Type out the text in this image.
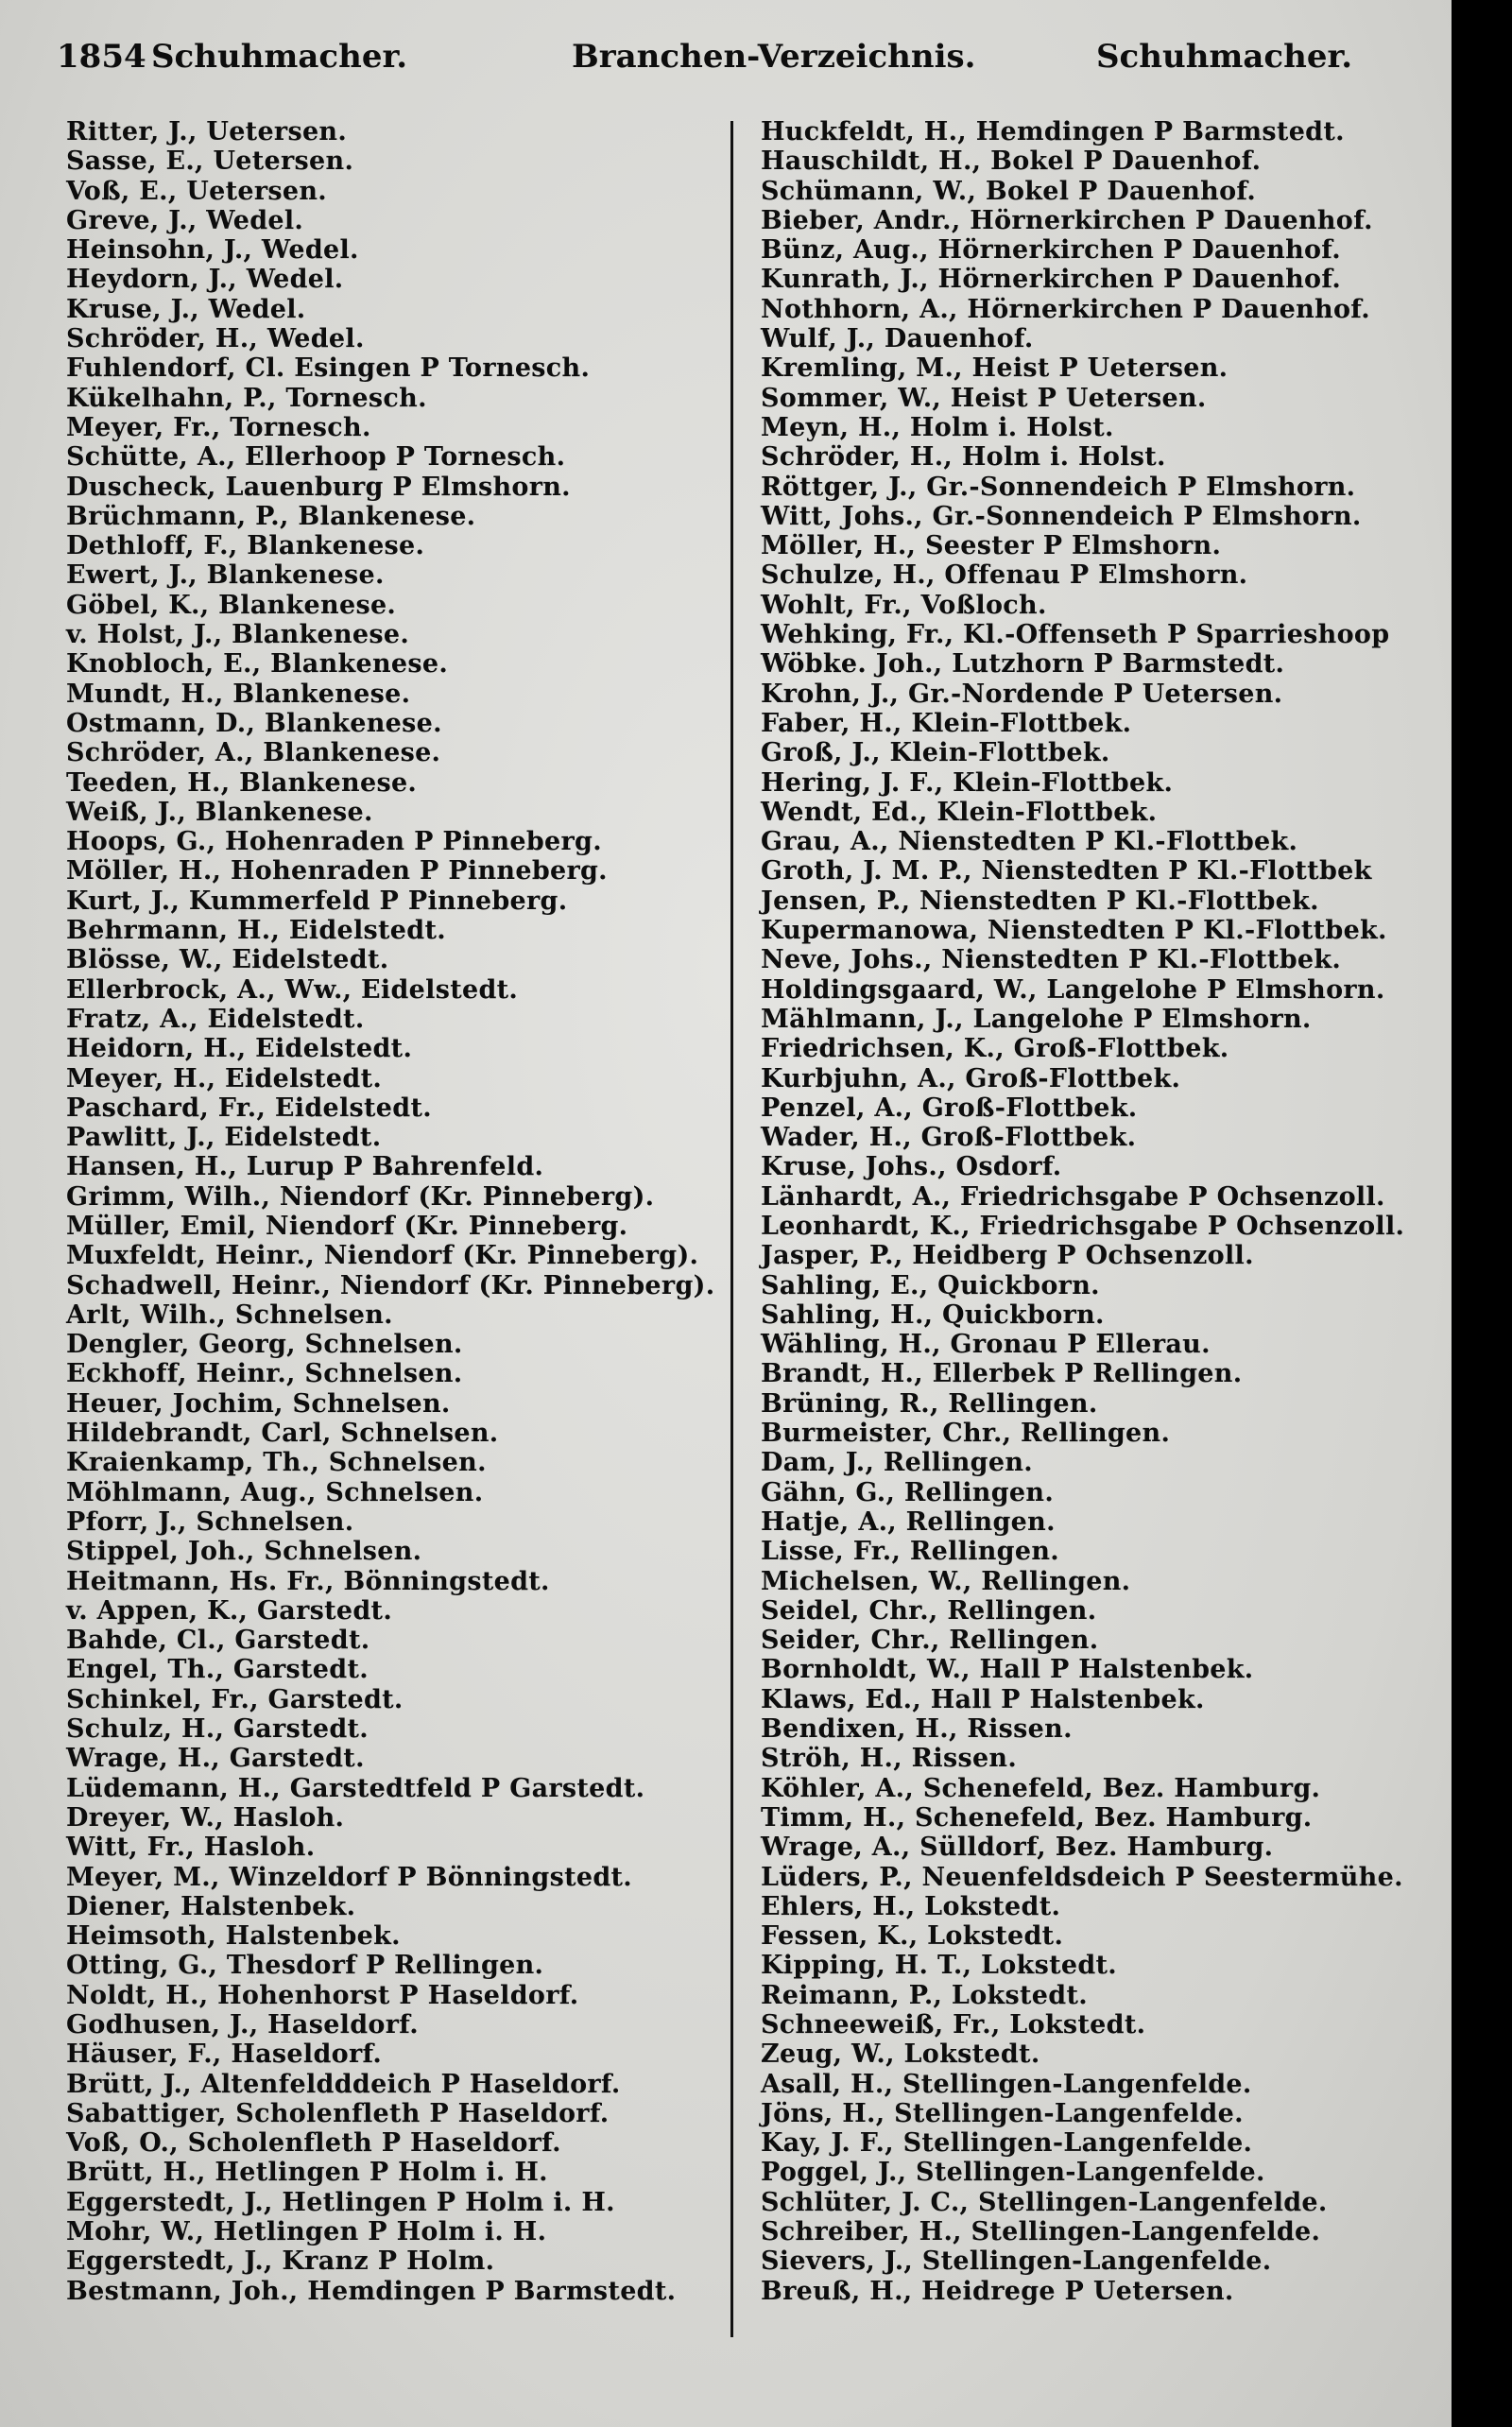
1854 Schuhmacher.	Branchen-Verzeichnis.	Schuhmacher.
Ritter, J., Uetersen.
Sasse, E., Uetersen.
Voß, E., Uetersen.
Greve, J., Wedel.
Heinsohn, J., Wedel.
Heydorn, J., Wedel.
Kruse, J., Wedel.
Schröder, H., Wedel.
Fuhlendorf, Cl. Esingen P Tornesch.
Kükelhahn, P., Tornesch.
Meyer, Fr., Tornesch.
Schütte, A., Ellerhoop P Tornesch.
Duscheck, Lauenburg P Elmshorn.
Brüchmann, P., Blankenese.
Dethloff, F., Blankenese.
Ewert, J., Blankenese.
Göbel, K., Blankenese.
v. Holst, J., Blankenese.
Knobloch, E., Blankenese.
Mundt, H., Blankenese.
Ostmann, D., Blankenese.
Schröder, A., Blankenese.
Teeden, H., Blankenese.
Weiß, J., Blankenese.
Hoops, G., Hohenraden P Pinneberg.
Möller, H., Hohenraden P Pinneberg.
Kurt, J., Kummerfeld P Pinneberg.
Behrmann, H., Eidelstedt.
Blösse, W., Eidelstedt.
Ellerbrock, A., Ww., Eidelstedt.
Fratz, A., Eidelstedt.
Heidorn, H., Eidelstedt.
Meyer, H., Eidelstedt.
Paschard, Fr., Eidelstedt.
Pawlitt, J., Eidelstedt.
Hansen, H., Lurup P Bahrenfeld.
Grimm, Wilh., Niendorf (Kr. Pinneberg).
Müller, Emil, Niendorf (Kr. Pinneberg.
Muxfeldt, Heinr., Niendorf (Kr. Pinneberg).
Schadwell, Heinr., Niendorf (Kr. Pinneberg).
Arlt, Wilh., Schnelsen.
Dengler, Georg, Schnelsen.
Eckhoff, Heinr., Schnelsen.
Heuer, Jochim, Schnelsen.
Hildebrandt, Carl, Schnelsen.
Kraienkamp, Th., Schnelsen.
Möhlmann, Aug., Schnelsen.
Pforr, J., Schnelsen.
Stippel, Joh., Schnelsen.
Heitmann, Hs. Fr., Bönningstedt.
v. Appen, K., Garstedt.
Bahde, Cl., Garstedt.
Engel, Th., Garstedt.
Schinkel, Fr., Garstedt.
Schulz, H., Garstedt.
Wrage, H., Garstedt.
Lüdemann, H., Garstedtfeld P Garstedt.
Dreyer, W., Hasloh.
Witt, Fr., Hasloh.
Meyer, M., Winzeldorf P Bönningstedt.
Diener, Halstenbek.
Heimsoth, Halstenbek.
Otting, G., Thesdorf P Rellingen.
Noldt, H., Hohenhorst P Haseldorf.
Godhusen, J., Haseldorf.
Häuser, F., Haseldorf.
Brütt, J., Altenfeldddeich P Haseldorf.
Sabattiger, Scholenfleth P Haseldorf.
Voß, O., Scholenfleth P Haseldorf.
Brütt, H., Hetlingen P Holm i. H.
Eggerstedt, J., Hetlingen P Holm i. H.
Mohr, W., Hetlingen P Holm i. H.
Eggerstedt, J., Kranz P Holm.
Bestmann, Joh., Hemdingen P Barmstedt.
Huckfeldt, H., Hemdingen P Barmstedt.
Hauschildt, H., Bokel P Dauenhof.
Schümann, W., Bokel P Dauenhof.
Bieber, Andr., Hörnerkirchen P Dauenhof.
Bünz, Aug., Hörnerkirchen P Dauenhof.
Kunrath, J., Hörnerkirchen P Dauenhof.
Nothhorn, A., Hörnerkirchen P Dauenhof.
Wulf, J., Dauenhof.
Kremling, M., Heist P Uetersen.
Sommer, W., Heist P Uetersen.
Meyn, H., Holm i. Holst.
Schröder, H., Holm i. Holst.
Röttger, J., Gr.-Sonnendeich P Elmshorn.
Witt, Johs., Gr.-Sonnendeich P Elmshorn.
Möller, H., Seester P Elmshorn.
Schulze, H., Offenau P Elmshorn.
Wohlt, Fr., Voßloch.
Wehking, Fr., Kl.-Offenseth P Sparrieshoop
Wöbke. Joh., Lutzhorn P Barmstedt.
Krohn, J., Gr.-Nordende P Uetersen.
Faber, H., Klein-Flottbek.
Groß, J., Klein-Flottbek.
Hering, J. F., Klein-Flottbek.
Wendt, Ed., Klein-Flottbek.
Grau, A., Nienstedten P Kl.-Flottbek.
Groth, J. M. P., Nienstedten P Kl.-Flottbek
Jensen, P., Nienstedten P Kl.-Flottbek.
Kupermanowa, Nienstedten P Kl.-Flottbek.
Neve, Johs., Nienstedten P Kl.-Flottbek.
Holdingsgaard, W., Langelohe P Elmshorn.
Mählmann, J., Langelohe P Elmshorn.
Friedrichsen, K., Groß-Flottbek.
Kurbjuhn, A., Groß-Flottbek.
Penzel, A., Groß-Flottbek.
Wader, H., Groß-Flottbek.
Kruse, Johs., Osdorf.
Länhardt, A., Friedrichsgabe P Ochsenzoll.
Leonhardt, K., Friedrichsgabe P Ochsenzoll.
Jasper, P., Heidberg P Ochsenzoll.
Sahling, E., Quickborn.
Sahling, H., Quickborn.
Wähling, H., Gronau P Ellerau.
Brandt, H., Ellerbek P Rellingen.
Brüning, R., Rellingen.
Burmeister, Chr., Rellingen.
Dam, J., Rellingen.
Gähn, G., Rellingen.
Hatje, A., Rellingen.
Lisse, Fr., Rellingen.
Michelsen, W., Rellingen.
Seidel, Chr., Rellingen.
Seider, Chr., Rellingen.
Bornholdt, W., Hall P Halstenbek.
Klaws, Ed., Hall P Halstenbek.
Bendixen, H., Rissen.
Ströh, H., Rissen.
Köhler, A., Schenefeld, Bez. Hamburg.
Timm, H., Schenefeld, Bez. Hamburg.
Wrage, A., Sülldorf, Bez. Hamburg.
Lüders, P., Neuenfeldsdeich P Seestermühe.
Ehlers, H., Lokstedt.
Fessen, K., Lokstedt.
Kipping, H. T., Lokstedt.
Reimann, P., Lokstedt.
Schneeweiß, Fr., Lokstedt.
Zeug, W., Lokstedt.
Asall, H., Stellingen-Langenfelde.
Jöns, H., Stellingen-Langenfelde.
Kay, J. F., Stellingen-Langenfelde.
Poggel, J., Stellingen-Langenfelde.
Schlüter, J. C., Stellingen-Langenfelde.
Schreiber, H., Stellingen-Langenfelde.
Sievers, J., Stellingen-Langenfelde.
Breuß, H., Heidrege P Uetersen.
